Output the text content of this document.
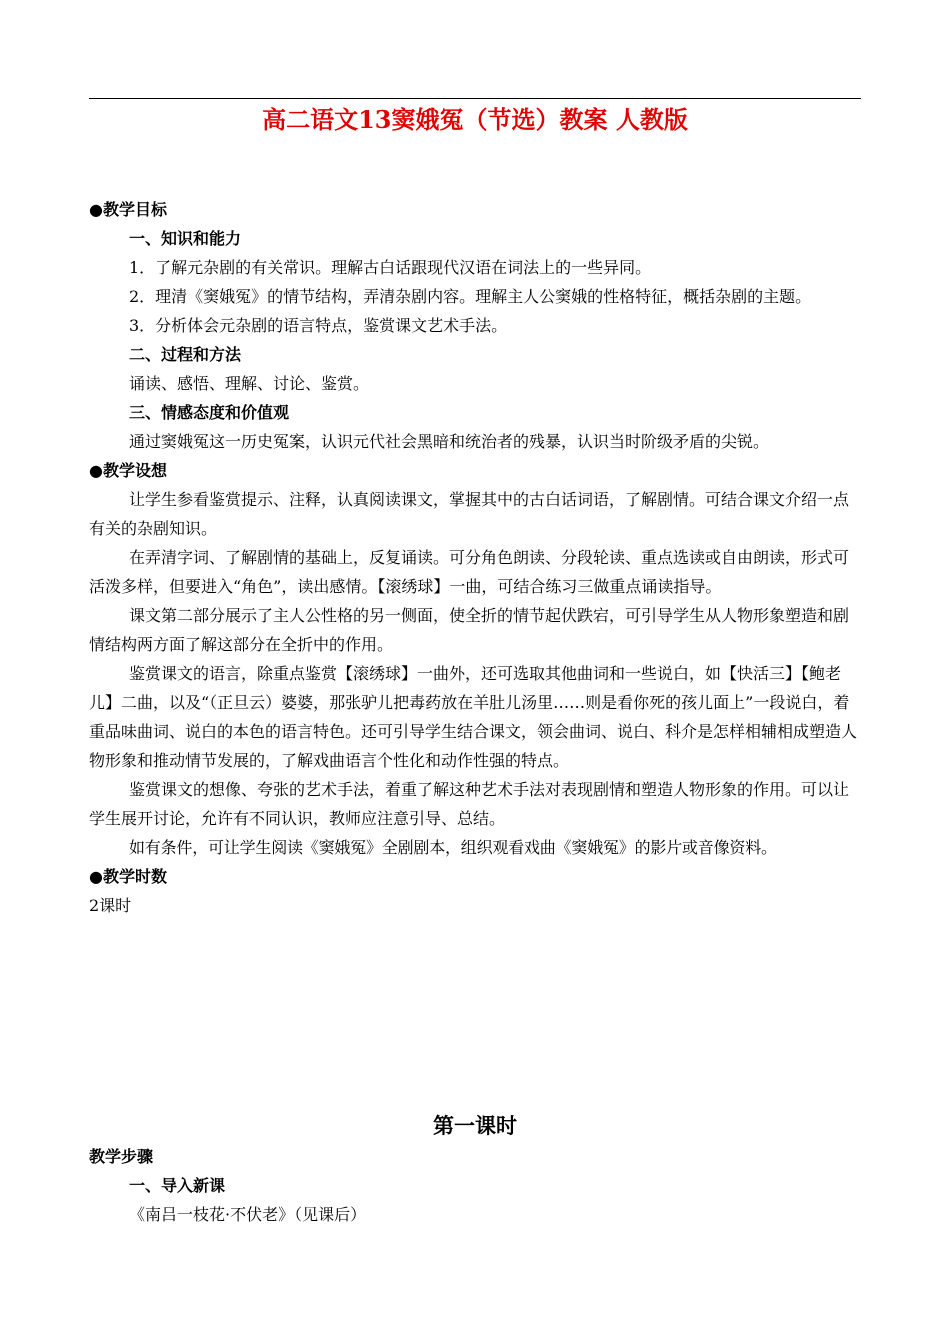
高二语文13窦娥冤（节选）教案 人教版

●教学目标

一、知识和能力

1．了解元杂剧的有关常识。理解古白话跟现代汉语在词法上的一些异同。

2．理清《窦娥冤》的情节结构，弄清杂剧内容。理解主人公窦娥的性格特征，概括杂剧的主题。

3．分析体会元杂剧的语言特点，鉴赏课文艺术手法。

二、过程和方法

诵读、感悟、理解、讨论、鉴赏。

三、情感态度和价值观

通过窦娥冤这一历史冤案，认识元代社会黑暗和统治者的残暴，认识当时阶级矛盾的尖锐。

●教学设想

让学生参看鉴赏提示、注释，认真阅读课文，掌握其中的古白话词语，了解剧情。可结合课文介绍一点有关的杂剧知识。

在弄清字词、了解剧情的基础上，反复诵读。可分角色朗读、分段轮读、重点选读或自由朗读，形式可活泼多样，但要进入“角色”，读出感情。【滚绣球】一曲，可结合练习三做重点诵读指导。

课文第二部分展示了主人公性格的另一侧面，使全折的情节起伏跌宕，可引导学生从人物形象塑造和剧情结构两方面了解这部分在全折中的作用。

鉴赏课文的语言，除重点鉴赏【滚绣球】一曲外，还可选取其他曲词和一些说白，如【快活三】【鲍老儿】二曲，以及“（正旦云）婆婆，那张驴儿把毒药放在羊肚儿汤里……则是看你死的孩儿面上”一段说白，着重品味曲词、说白的本色的语言特色。还可引导学生结合课文，领会曲词、说白、科介是怎样相辅相成塑造人物形象和推动情节发展的，了解戏曲语言个性化和动作性强的特点。

鉴赏课文的想像、夸张的艺术手法，着重了解这种艺术手法对表现剧情和塑造人物形象的作用。可以让学生展开讨论，允许有不同认识，教师应注意引导、总结。

如有条件，可让学生阅读《窦娥冤》全剧剧本，组织观看戏曲《窦娥冤》的影片或音像资料。

●教学时数

2课时

第一课时

教学步骤

一、导入新课

《南吕一枝花·不伏老》（见课后）
